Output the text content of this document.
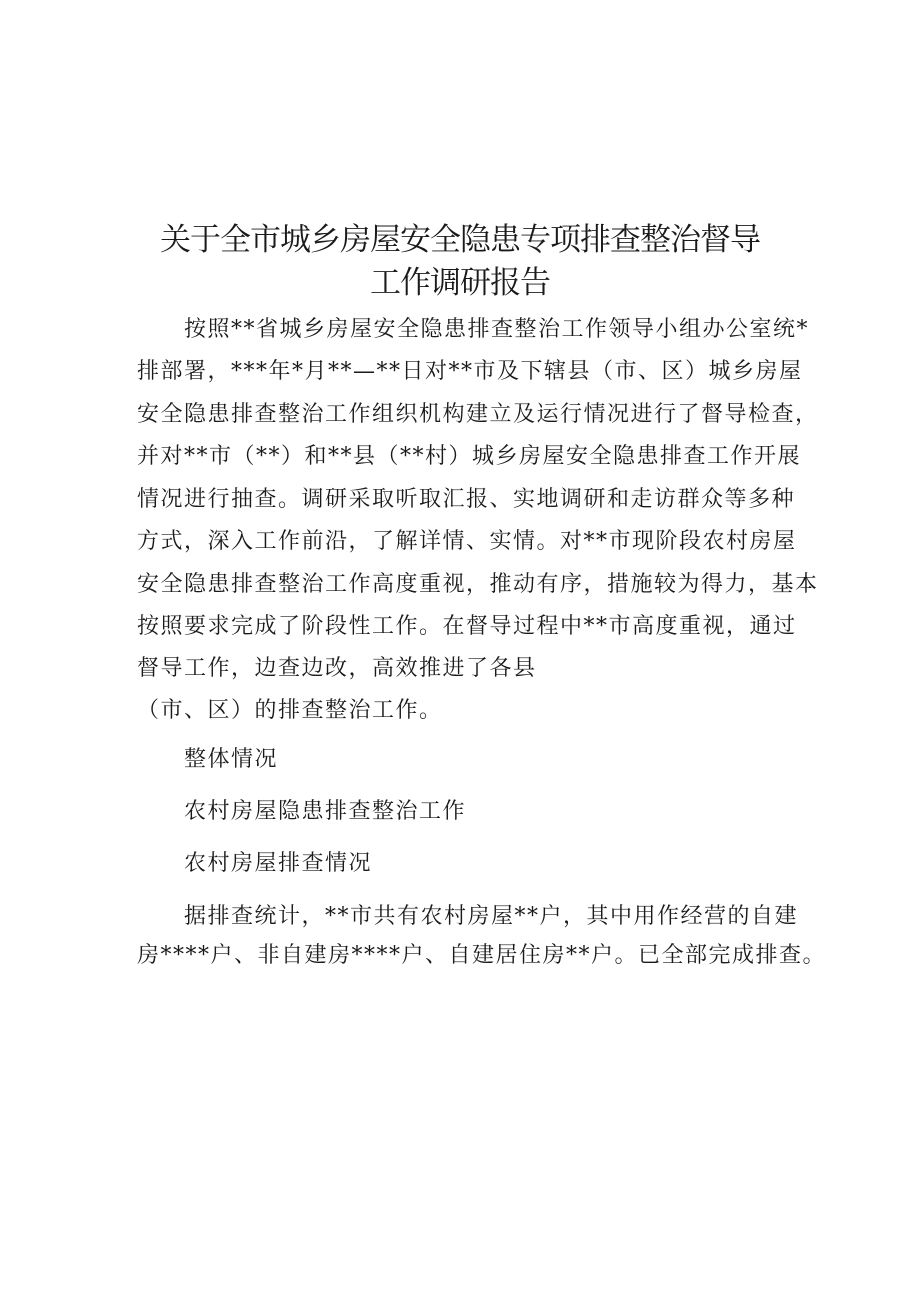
关于全市城乡房屋安全隐患专项排查整治督导
工作调研报告
按照**省城乡房屋安全隐患排查整治工作领导小组办公室统*
排部署，***年*月**—**日对**市及下辖县（市、区）城乡房屋
安全隐患排查整治工作组织机构建立及运行情况进行了督导检查，
并对**市（**）和**县（**村）城乡房屋安全隐患排查工作开展
情况进行抽查。调研采取听取汇报、实地调研和走访群众等多种
方式，深入工作前沿，了解详情、实情。对**市现阶段农村房屋
安全隐患排查整治工作高度重视，推动有序，措施较为得力，基本
按照要求完成了阶段性工作。在督导过程中**市高度重视，通过
督导工作，边查边改，高效推进了各县
（市、区）的排查整治工作。
整体情况
农村房屋隐患排查整治工作
农村房屋排查情况
据排查统计，**市共有农村房屋**户，其中用作经营的自建
房****户、非自建房****户、自建居住房**户。已全部完成排查。
